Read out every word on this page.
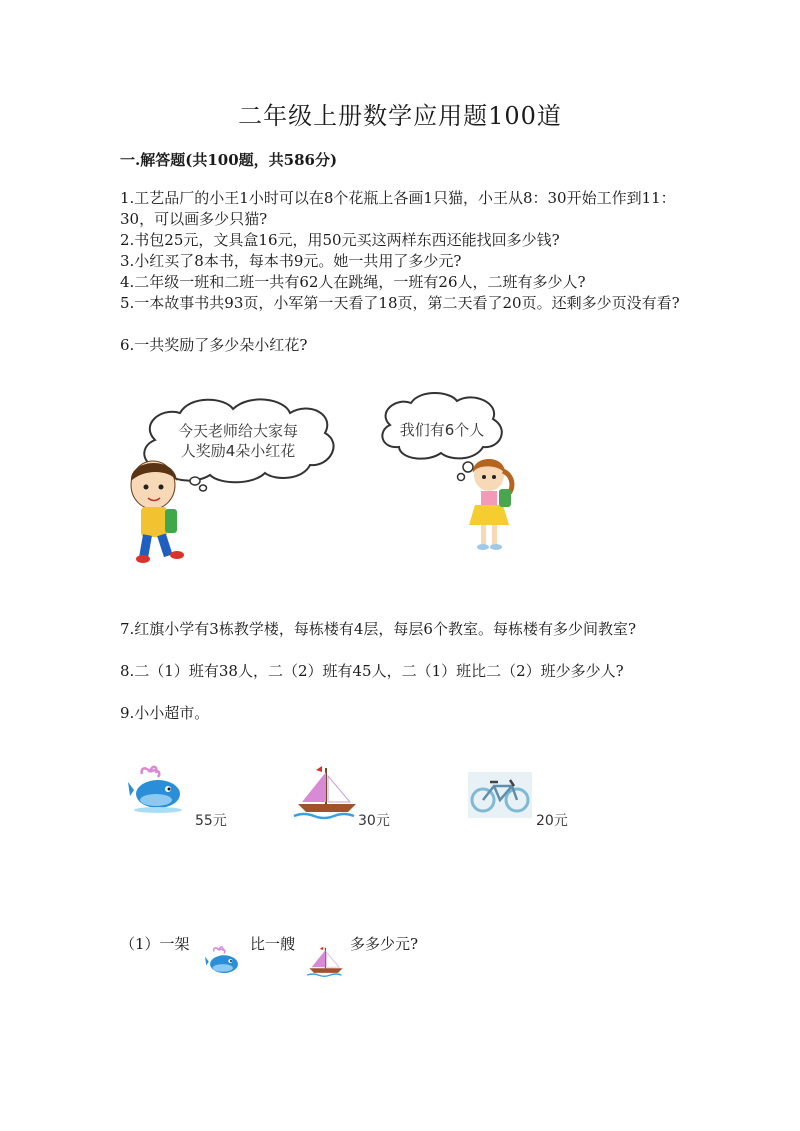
二年级上册数学应用题100道
一.解答题(共100题，共586分)
1.工艺品厂的小王1小时可以在8个花瓶上各画1只猫，小王从8：30开始工作到11：30，可以画多少只猫?
2.书包25元，文具盒16元，用50元买这两样东西还能找回多少钱?
3.小红买了8本书，每本书9元。她一共用了多少元?
4.二年级一班和二班一共有62人在跳绳，一班有26人，二班有多少人?
5.一本故事书共93页，小军第一天看了18页，第二天看了20页。还剩多少页没有看?
6.一共奖励了多少朵小红花?
今天老师给大家每
人奖励4朵小红花
我们有6个人
7.红旗小学有3栋教学楼，每栋楼有4层，每层6个教室。每栋楼有多少间教室?
8.二（1）班有38人，二（2）班有45人，二（1）班比二（2）班少多少人?
9.小小超市。
55元	30元	20元
（1）一架	比一艘	多多少元?
